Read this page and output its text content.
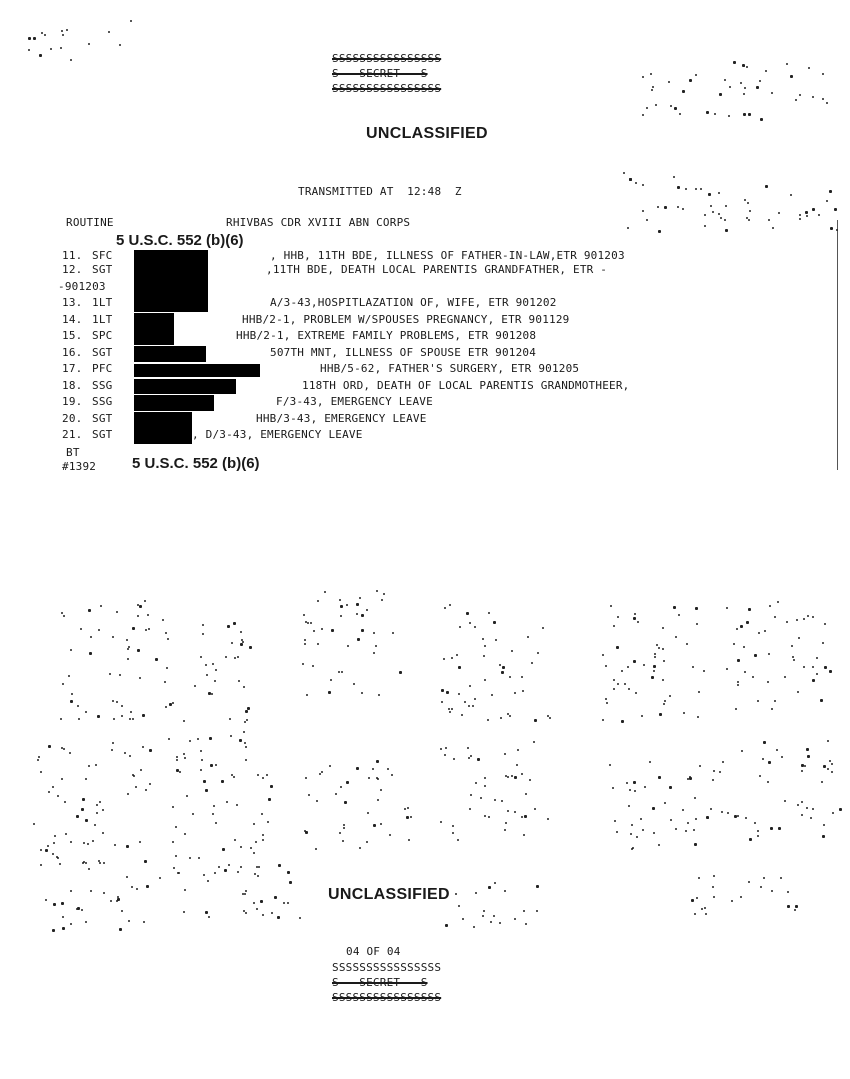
SSSSSSSSSSSSSSSS
S   SECRET   S
SSSSSSSSSSSSSSSS
UNCLASSIFIED
TRANSMITTED AT  12:48  Z
ROUTINE	RHIVBAS CDR XVIII ABN CORPS
5 U.S.C. 552 (b)(6)
11. SFC	, HHB, 11TH BDE, ILLNESS OF FATHER-IN-LAW,ETR 901203
12. SGT	,11TH BDE, DEATH LOCAL PARENTIS GRANDFATHER, ETR -
-901203
13. 1LT	A/3-43,HOSPITLAZATION OF, WIFE, ETR 901202
14. 1LT	HHB/2-1, PROBLEM W/SPOUSES PREGNANCY, ETR 901129
15. SPC	HHB/2-1, EXTREME FAMILY PROBLEMS, ETR 901208
16. SGT	507TH MNT, ILLNESS OF SPOUSE ETR 901204
17. PFC	HHB/5-62, FATHER'S SURGERY, ETR 901205
18. SSG	118TH ORD, DEATH OF LOCAL PARENTIS GRANDMOTHEER,
19. SSG	F/3-43, EMERGENCY LEAVE
20. SGT	HHB/3-43, EMERGENCY LEAVE
21. SGT	, D/3-43, EMERGENCY LEAVE
BT
#1392 5 U.S.C. 552 (b)(6)
UNCLASSIFIED
04 OF 04
SSSSSSSSSSSSSSSS
S   SECRET   S
SSSSSSSSSSSSSSSS
